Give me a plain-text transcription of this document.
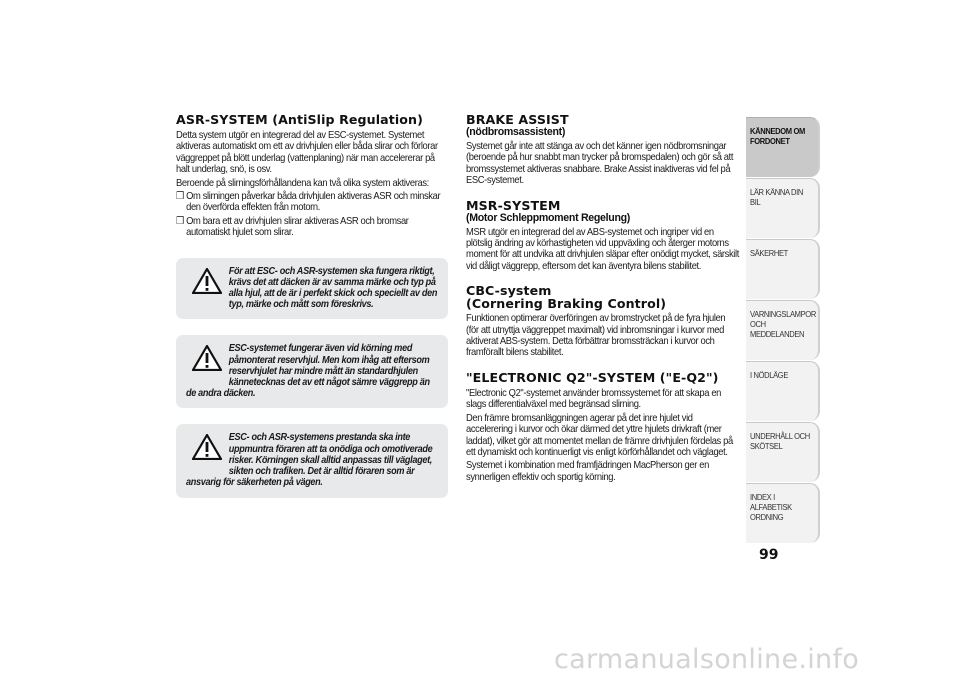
ASR-SYSTEM (AntiSlip Regulation)
Detta system utgör en integrerad del av ESC-systemet. Systemet aktiveras automatiskt om ett av drivhjulen eller båda slirar och förlorar väggreppet på blött underlag (vattenplaning) när man accelererar på halt underlag, snö, is osv.
Beroende på slirningsförhållandena kan två olika system aktiveras:
❒ Om slirningen påverkar båda drivhjulen aktiveras ASR och minskar den överförda effekten från motorn.
❒ Om bara ett av drivhjulen slirar aktiveras ASR och bromsar automatiskt hjulet som slirar.
För att ESC- och ASR-systemen ska fungera riktigt, krävs det att däcken är av samma märke och typ på alla hjul, att de är i perfekt skick och speciellt av den typ, märke och mått som föreskrivs.
ESC-systemet fungerar även vid körning med påmonterat reservhjul. Men kom ihåg att eftersom reservhjulet har mindre mått än standardhjulen kännetecknas det av ett något sämre väggrepp än de andra däcken.
ESC- och ASR-systemens prestanda ska inte uppmuntra föraren att ta onödiga och omotiverade risker. Körningen skall alltid anpassas till väglaget, sikten och trafiken. Det är alltid föraren som är ansvarig för säkerheten på vägen.
BRAKE ASSIST
(nödbromsassistent)
Systemet går inte att stänga av och det känner igen nödbromsningar (beroende på hur snabbt man trycker på bromspedalen) och gör så att bromssystemet aktiveras snabbare. Brake Assist inaktiveras vid fel på ESC-systemet.
MSR-SYSTEM
(Motor Schleppmoment Regelung)
MSR utgör en integrerad del av ABS-systemet och ingriper vid en plötslig ändring av körhastigheten vid uppväxling och återger motorns moment för att undvika att drivhjulen släpar efter onödigt mycket, särskilt vid dåligt väggrepp, eftersom det kan äventyra bilens stabilitet.
CBC-system
(Cornering Braking Control)
Funktionen optimerar överföringen av bromstrycket på de fyra hjulen (för att utnyttja väggreppet maximalt) vid inbromsningar i kurvor med aktiverat ABS-system. Detta förbättrar bromssträckan i kurvor och framförallt bilens stabilitet.
"ELECTRONIC Q2"-SYSTEM ("E-Q2")
"Electronic Q2"-systemet använder bromssystemet för att skapa en slags differentialväxel med begränsad slirning.
Den främre bromsanläggningen agerar på det inre hjulet vid accelerering i kurvor och ökar därmed det yttre hjulets drivkraft (mer laddat), vilket gör att momentet mellan de främre drivhjulen fördelas på ett dynamiskt och kontinuerligt vis enligt körförhållandet och väglaget.
Systemet i kombination med framfjädringen MacPherson ger en synnerligen effektiv och sportig körning.
KÄNNEDOM OM FORDONET
LÄR KÄNNA DIN BIL
SÄKERHET
VARNINGSLAMPOR OCH MEDDELANDEN
I NÖDLÄGE
UNDERHÅLL OCH SKÖTSEL
INDEX I ALFABETISK ORDNING
99
carmanualsonline.info
